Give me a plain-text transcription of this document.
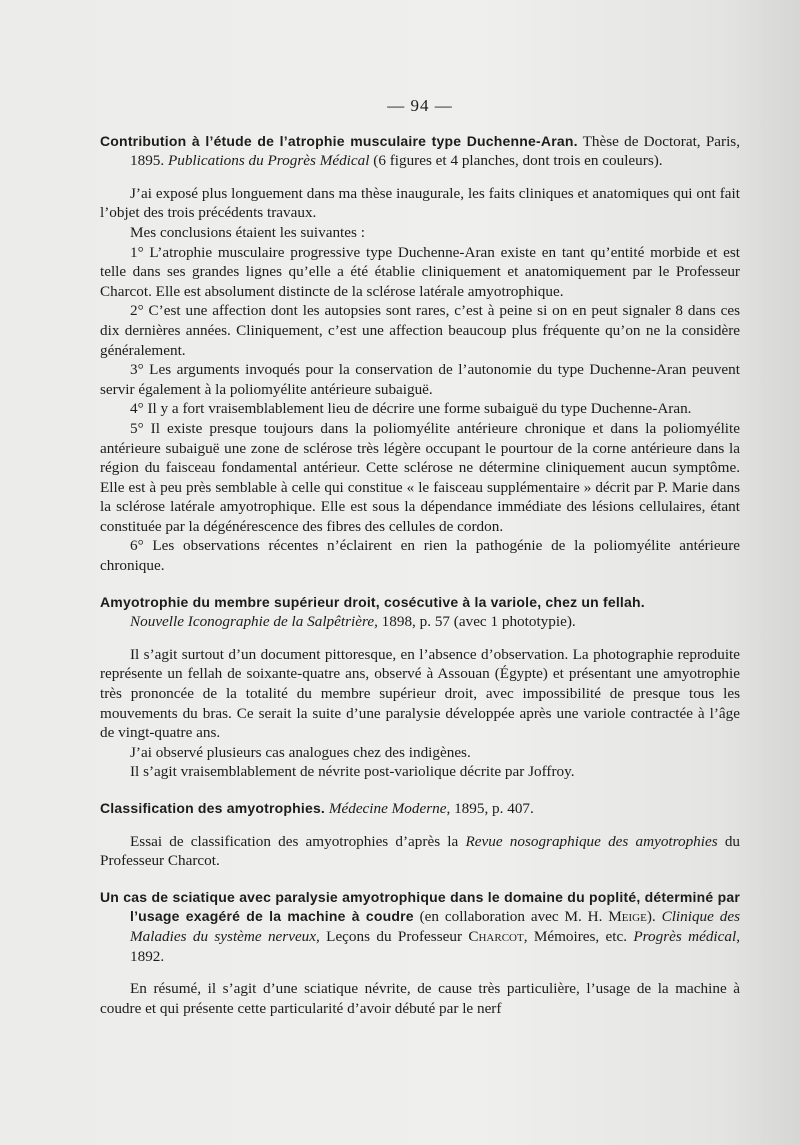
— 94 —

Contribution à l’étude de l’atrophie musculaire type Duchenne-Aran. Thèse de Doctorat, Paris, 1895. Publications du Progrès Médical (6 figures et 4 planches, dont trois en couleurs).

J’ai exposé plus longuement dans ma thèse inaugurale, les faits cliniques et anatomiques qui ont fait l’objet des trois précédents travaux.

Mes conclusions étaient les suivantes :

1° L’atrophie musculaire progressive type Duchenne-Aran existe en tant qu’entité morbide et est telle dans ses grandes lignes qu’elle a été établie cliniquement et anatomiquement par le Professeur Charcot. Elle est absolument distincte de la sclérose latérale amyotrophique.

2° C’est une affection dont les autopsies sont rares, c’est à peine si on en peut signaler 8 dans ces dix dernières années. Cliniquement, c’est une affection beaucoup plus fréquente qu’on ne la considère généralement.

3° Les arguments invoqués pour la conservation de l’autonomie du type Duchenne-Aran peuvent servir également à la poliomyélite antérieure subaiguë.

4° Il y a fort vraisemblablement lieu de décrire une forme subaiguë du type Duchenne-Aran.

5° Il existe presque toujours dans la poliomyélite antérieure chronique et dans la poliomyélite antérieure subaiguë une zone de sclérose très légère occupant le pourtour de la corne antérieure dans la région du faisceau fondamental antérieur. Cette sclérose ne détermine cliniquement aucun symptôme. Elle est à peu près semblable à celle qui constitue « le faisceau supplémentaire » décrit par P. Marie dans la sclérose latérale amyotrophique. Elle est sous la dépendance immédiate des lésions cellulaires, étant constituée par la dégénérescence des fibres des cellules de cordon.

6° Les observations récentes n’éclairent en rien la pathogénie de la poliomyélite antérieure chronique.

Amyotrophie du membre supérieur droit, cosécutive à la variole, chez un fellah.
Nouvelle Iconographie de la Salpêtrière, 1898, p. 57 (avec 1 phototypie).

Il s’agit surtout d’un document pittoresque, en l’absence d’observation. La photographie reproduite représente un fellah de soixante-quatre ans, observé à Assouan (Égypte) et présentant une amyotrophie très prononcée de la totalité du membre supérieur droit, avec impossibilité de presque tous les mouvements du bras. Ce serait la suite d’une paralysie développée après une variole contractée à l’âge de vingt-quatre ans.

J’ai observé plusieurs cas analogues chez des indigènes.

Il s’agit vraisemblablement de névrite post-variolique décrite par Joffroy.

Classification des amyotrophies. Médecine Moderne, 1895, p. 407.

Essai de classification des amyotrophies d’après la Revue nosographique des amyotrophies du Professeur Charcot.

Un cas de sciatique avec paralysie amyotrophique dans le domaine du poplité, déterminé par l’usage exagéré de la machine à coudre (en collaboration avec M. H. Meige). Clinique des Maladies du système nerveux, Leçons du Professeur Charcot, Mémoires, etc. Progrès médical, 1892.

En résumé, il s’agit d’une sciatique névrite, de cause très particulière, l’usage de la machine à coudre et qui présente cette particularité d’avoir débuté par le nerf
